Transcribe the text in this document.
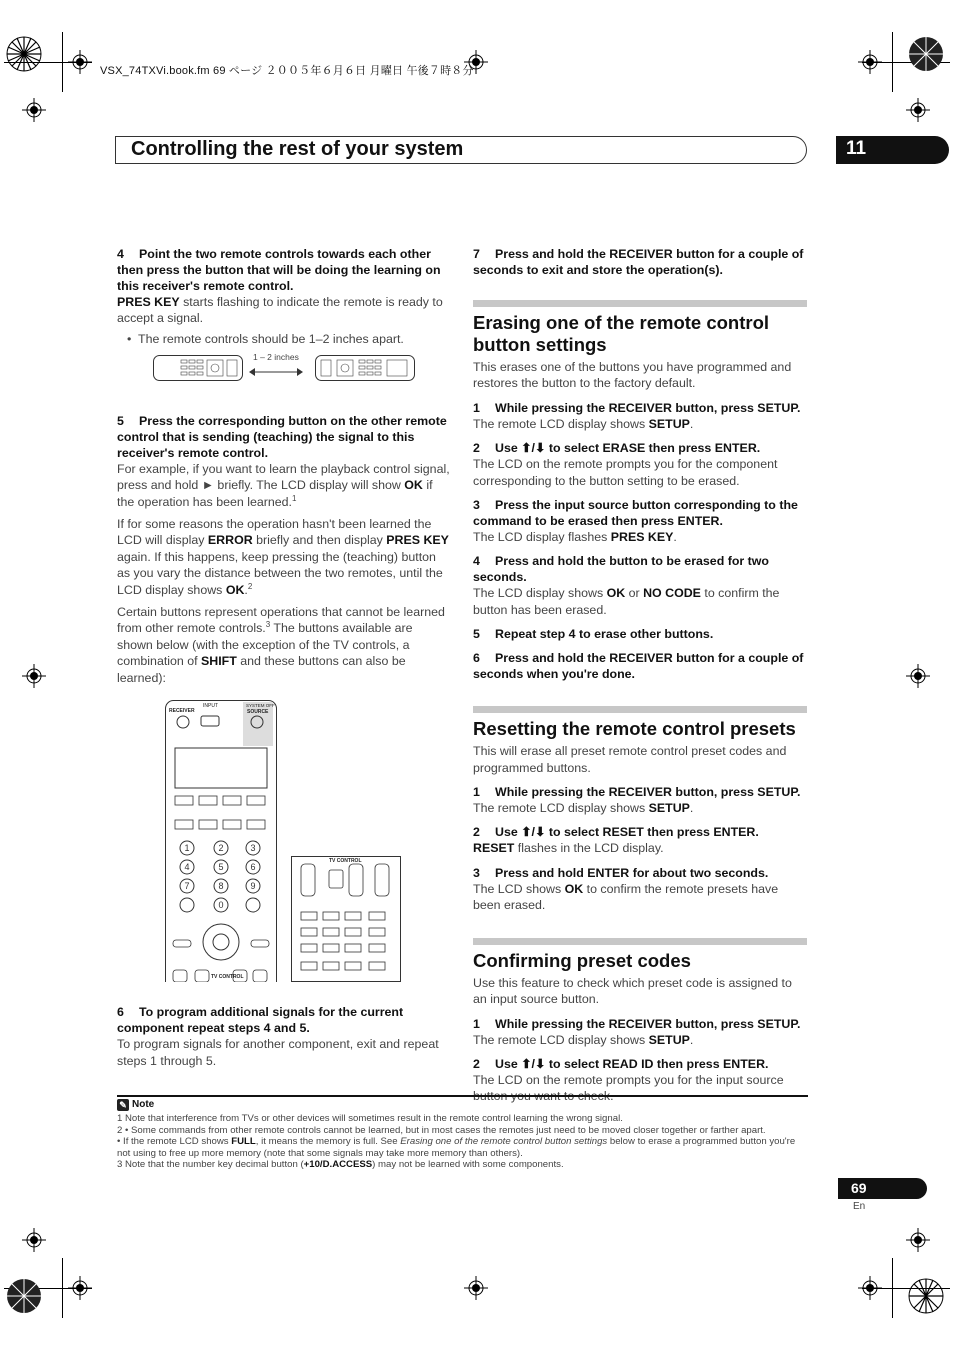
VSX_74TXVi.book.fm 69 ページ ２００５年６月６日 月曜日 午後７時８分
Controlling the rest of your system	11
4 Point the two remote controls towards each other then press the button that will be doing the learning on this receiver's remote control.
PRES KEY starts flashing to indicate the remote is ready to accept a signal.
•  The remote controls should be 1–2 inches apart.
1 – 2 inches
5 Press the corresponding button on the other remote control that is sending (teaching) the signal to this receiver's remote control.
For example, if you want to learn the playback control signal, press and hold ► briefly. The LCD display will show OK if the operation has been learned.$^1$
If for some reasons the operation hasn't been learned the LCD will display ERROR briefly and then display PRES KEY again. If this happens, keep pressing the (teaching) button as you vary the distance between the two remotes, until the LCD display shows OK.$^2$
Certain buttons represent operations that cannot be learned from other remote controls.$^3$ The buttons available are shown below (with the exception of the TV controls, a combination of SHIFT and these buttons can also be learned):
1	2	3
4	5	6
7	8	9
0
RECEIVER
INPUT	SYSTEM OFF
SOURCE
TV CONTROL
TV CONTROL
6 To program additional signals for the current component repeat steps 4 and 5.
To program signals for another component, exit and repeat steps 1 through 5.
7 Press and hold the RECEIVER button for a couple of seconds to exit and store the operation(s).
Erasing one of the remote control button settings
This erases one of the buttons you have programmed and restores the button to the factory default.
1 While pressing the RECEIVER button, press SETUP.
The remote LCD display shows SETUP.
2 Use ⬆/⬇ to select ERASE then press ENTER.
The LCD on the remote prompts you for the component corresponding to the button setting to be erased.
3 Press the input source button corresponding to the command to be erased then press ENTER.
The LCD display flashes PRES KEY.
4 Press and hold the button to be erased for two seconds.
The LCD display shows OK or NO CODE to confirm the button has been erased.
5 Repeat step 4 to erase other buttons.
6 Press and hold the RECEIVER button for a couple of seconds when you're done.
Resetting the remote control presets
This will erase all preset remote control preset codes and programmed buttons.
1 While pressing the RECEIVER button, press SETUP.
The remote LCD display shows SETUP.
2 Use ⬆/⬇ to select RESET then press ENTER.
RESET flashes in the LCD display.
3 Press and hold ENTER for about two seconds.
The LCD shows OK to confirm the remote presets have been erased.
Confirming preset codes
Use this feature to check which preset code is assigned to an input source button.
1 While pressing the RECEIVER button, press SETUP.
The remote LCD display shows SETUP.
2 Use ⬆/⬇ to select READ ID then press ENTER.
The LCD on the remote prompts you for the input source
✎ Note
1 Note that interference from TVs or other devices will sometimes result in the remote control learning the wrong signal.
2 • Some commands from other remote controls cannot be learned, but in most cases the remotes just need to be moved closer together or farther apart.
• If the remote LCD shows FULL, it means the memory is full. See Erasing one of the remote control button settings below to erase a programmed button you're not using to free up more memory (note that some signals may take more memory than others).
3 Note that the number key decimal button (+10/D.ACCESS) may not be learned with some components.
69
En
